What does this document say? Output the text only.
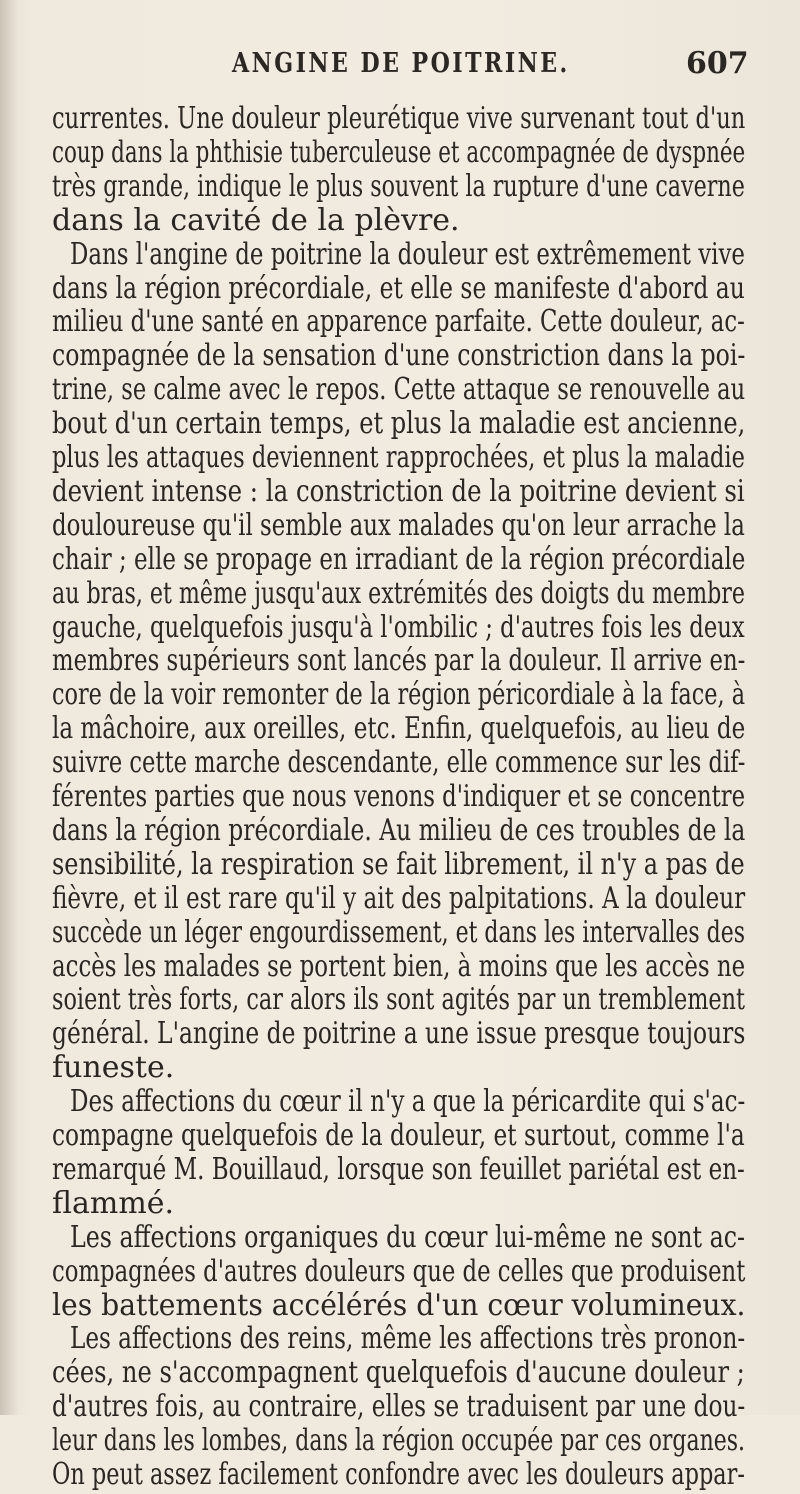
ANGINE DE POITRINE.	607
currentes. Une douleur pleurétique vive survenant tout d'un
coup dans la phthisie tuberculeuse et accompagnée de dyspnée
très grande, indique le plus souvent la rupture d'une caverne
dans la cavité de la plèvre.
Dans l'angine de poitrine la douleur est extrêmement vive
dans la région précordiale, et elle se manifeste d'abord au
milieu d'une santé en apparence parfaite. Cette douleur, ac-
compagnée de la sensation d'une constriction dans la poi-
trine, se calme avec le repos. Cette attaque se renouvelle au
bout d'un certain temps, et plus la maladie est ancienne,
plus les attaques deviennent rapprochées, et plus la maladie
devient intense : la constriction de la poitrine devient si
douloureuse qu'il semble aux malades qu'on leur arrache la
chair ; elle se propage en irradiant de la région précordiale
au bras, et même jusqu'aux extrémités des doigts du membre
gauche, quelquefois jusqu'à l'ombilic ; d'autres fois les deux
membres supérieurs sont lancés par la douleur. Il arrive en-
core de la voir remonter de la région péricordiale à la face, à
la mâchoire, aux oreilles, etc. Enfin, quelquefois, au lieu de
suivre cette marche descendante, elle commence sur les dif-
férentes parties que nous venons d'indiquer et se concentre
dans la région précordiale. Au milieu de ces troubles de la
sensibilité, la respiration se fait librement, il n'y a pas de
fièvre, et il est rare qu'il y ait des palpitations. A la douleur
succède un léger engourdissement, et dans les intervalles des
accès les malades se portent bien, à moins que les accès ne
soient très forts, car alors ils sont agités par un tremblement
général. L'angine de poitrine a une issue presque toujours
funeste.
Des affections du cœur il n'y a que la péricardite qui s'ac-
compagne quelquefois de la douleur, et surtout, comme l'a
remarqué M. Bouillaud, lorsque son feuillet pariétal est en-
flammé.
Les affections organiques du cœur lui-même ne sont ac-
compagnées d'autres douleurs que de celles que produisent
les battements accélérés d'un cœur volumineux.
Les affections des reins, même les affections très pronon-
cées, ne s'accompagnent quelquefois d'aucune douleur ;
d'autres fois, au contraire, elles se traduisent par une dou-
leur dans les lombes, dans la région occupée par ces organes.
On peut assez facilement confondre avec les douleurs appar-
